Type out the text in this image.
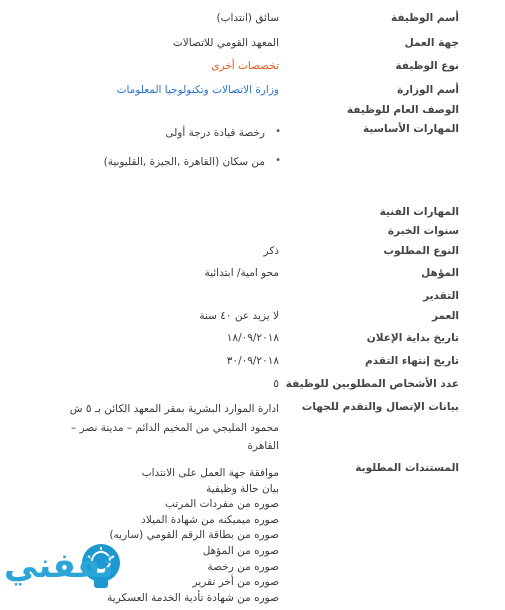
أسم الوظيفة
سائق (انتداب)
جهة العمل
المعهد القومي للاتصالات
نوع الوظيفة
تخصصات أخرى
أسم الوزارة
وزارة الاتصالات وتكنولوجيا المعلومات
الوصف العام للوظيفة
المهارات الأساسية
• رخصة قيادة درجة أولى
• من سكان (القاهرة ,الجيزة ,القليوبية)
المهارات الفنية
سنوات الخبرة
النوع المطلوب
ذكر
المؤهل
محو امية/ ابتدائية
التقدير
العمر
لا يزيد عن ٤٠ سنة
تاريخ بداية الإعلان
١٨/٠٩/٢٠١٨
تاريخ إنتهاء التقدم
٣٠/٠٩/٢٠١٨
عدد الأشخاص المطلوبين للوظيفة
٥
بيانات الإتصال والتقدم للجهات
ادارة الموارد البشرية بمقر المعهد الكائن بـ ٥ ش محمود المليجي من المخيم الدائم – مدينة نصر – القاهرة
المستندات المطلوبة
موافقة جهة العمل على الانتداب
بيان حالة وظيفية
صوره من مفردات المرتب
صوره ميميكنه من شهادة الميلاد
صوره من بطاقة الرقم القومي (ساريه)
صوره من المؤهل
صوره من رخصة
صوره من أخر تقرير
صوره من شهادة تأدية الخدمة العسكرية
ثقفني
